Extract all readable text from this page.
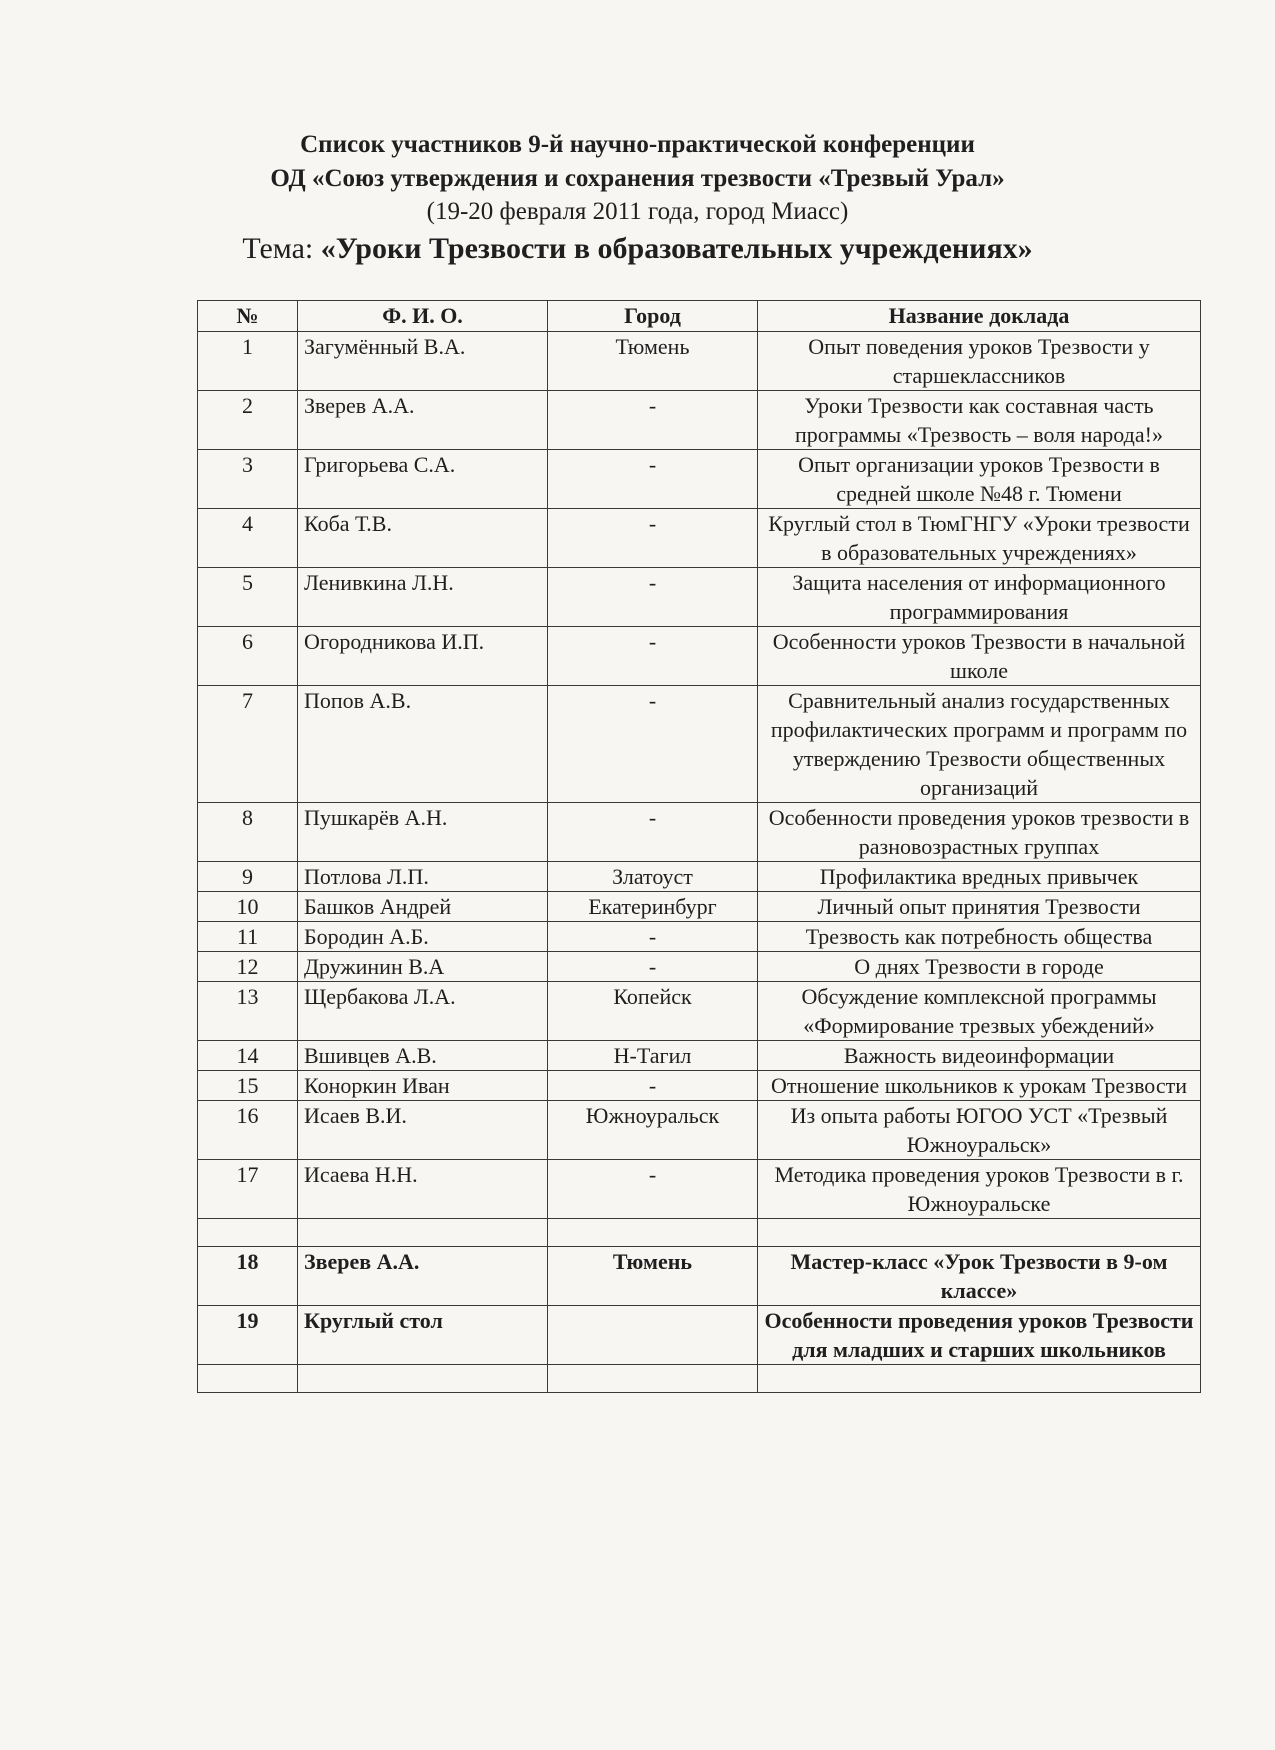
Список участников 9-й научно-практической конференции
ОД «Союз утверждения и сохранения трезвости «Трезвый Урал»
(19-20 февраля 2011 года, город Миасс)
Тема: «Уроки Трезвости в образовательных учреждениях»
№	Ф. И. О.	Город	Название доклада
1	Загумённый В.А.	Тюмень	Опыт поведения уроков Трезвости у старшеклассников
2	Зверев А.А.	-	Уроки Трезвости как составная часть программы «Трезвость – воля народа!»
3	Григорьева С.А.	-	Опыт организации уроков Трезвости в средней школе №48 г. Тюмени
4	Коба Т.В.	-	Круглый стол в ТюмГНГУ «Уроки трезвости в образовательных учреждениях»
5	Ленивкина Л.Н.	-	Защита населения от информационного программирования
6	Огородникова И.П.	-	Особенности уроков Трезвости в начальной школе
7	Попов А.В.	-	Сравнительный анализ государственных профилактических программ и программ по утверждению Трезвости общественных организаций
8	Пушкарёв А.Н.	-	Особенности проведения уроков трезвости в разновозрастных группах
9	Потлова Л.П.	Златоуст	Профилактика вредных привычек
10	Башков Андрей	Екатеринбург	Личный опыт принятия Трезвости
11	Бородин А.Б.	-	Трезвость как потребность общества
12	Дружинин В.А	-	О днях Трезвости в городе
13	Щербакова Л.А.	Копейск	Обсуждение комплексной программы «Формирование трезвых убеждений»
14	Вшивцев А.В.	Н-Тагил	Важность видеоинформации
15	Коноркин Иван	-	Отношение школьников к урокам Трезвости
16	Исаев В.И.	Южноуральск	Из опыта работы ЮГОО УСТ «Трезвый Южноуральск»
17	Исаева Н.Н.	-	Методика проведения уроков Трезвости в г. Южноуральске

18	Зверев А.А.	Тюмень	Мастер-класс «Урок Трезвости в 9-ом классе»
19	Круглый стол		Особенности проведения уроков Трезвости для младших и старших школьников
